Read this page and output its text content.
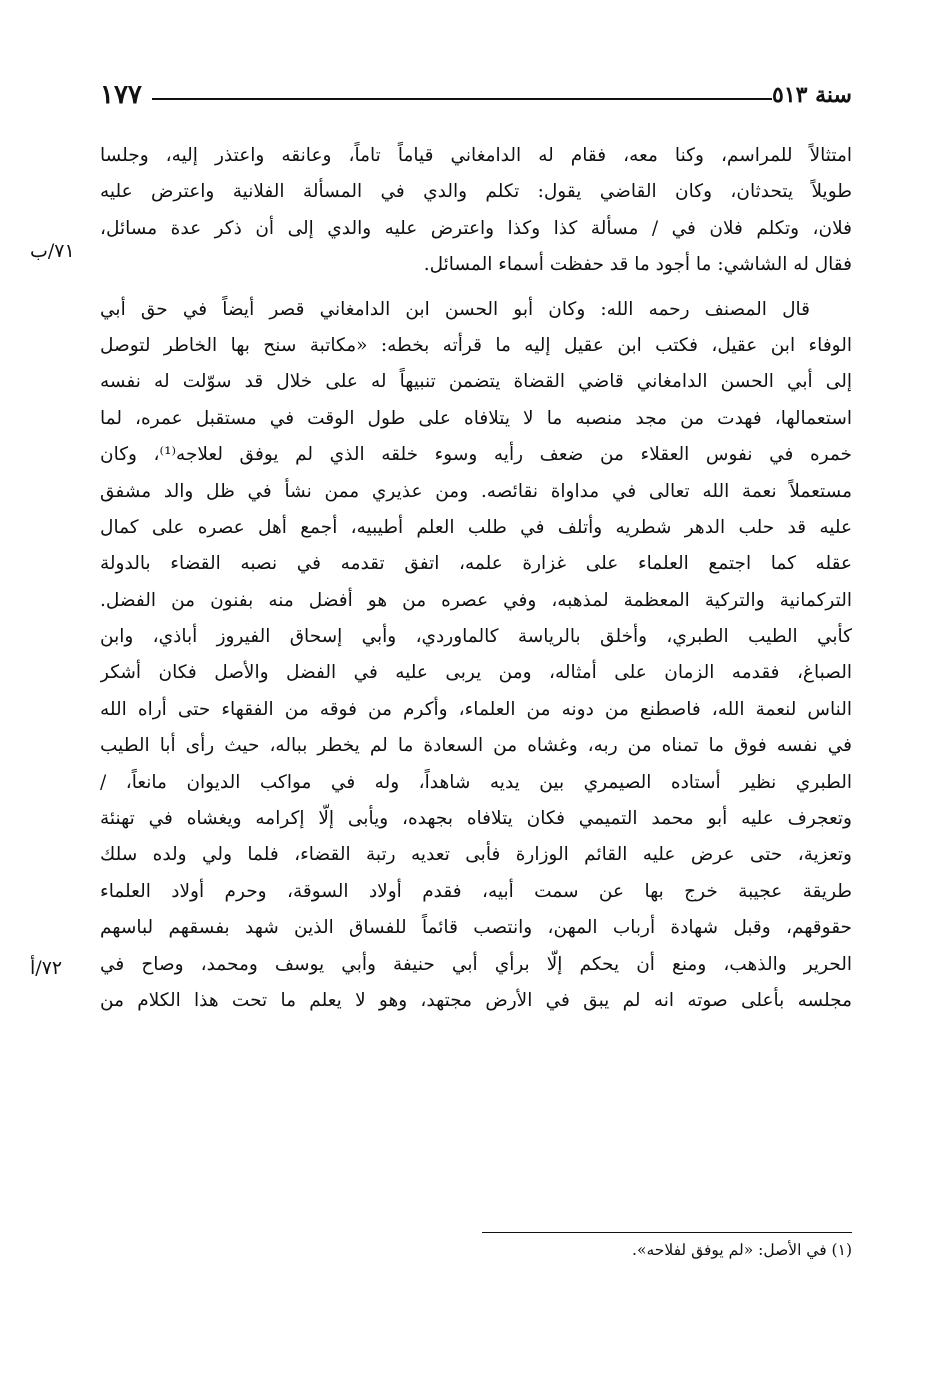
سنة ٥١٣
١٧٧
امتثالاً للمراسم، وكنا معه، فقام له الدامغاني قياماً تاماً، وعانقه واعتذر إليه، وجلسا
طويلاً يتحدثان، وكان القاضي يقول: تكلم والدي في المسألة الفلانية واعترض عليه
فلان، وتكلم فلان في / مسألة كذا وكذا واعترض عليه والدي إلى أن ذكر عدة مسائل،
فقال له الشاشي: ما أجود ما قد حفظت أسماء المسائل.
قال المصنف رحمه الله: وكان أبو الحسن ابن الدامغاني قصر أيضاً في حق أبي
الوفاء ابن عقيل، فكتب ابن عقيل إليه ما قرأته بخطه: «مكاتبة سنح بها الخاطر لتوصل
إلى أبي الحسن الدامغاني قاضي القضاة يتضمن تنبيهاً له على خلال قد سوّلت له نفسه
استعمالها، فهدت من مجد منصبه ما لا يتلافاه على طول الوقت في مستقبل عمره، لما
خمره في نفوس العقلاء من ضعف رأيه وسوء خلقه الذي لم يوفق لعلاجه⁽¹⁾، وكان
مستعملاً نعمة الله تعالى في مداواة نقائصه. ومن عذيري ممن نشأ في ظل والد مشفق
عليه قد حلب الدهر شطريه وأتلف في طلب العلم أطيبيه، أجمع أهل عصره على كمال
عقله كما اجتمع العلماء على غزارة علمه، اتفق تقدمه في نصبه القضاء بالدولة
التركمانية والتركية المعظمة لمذهبه، وفي عصره من هو أفضل منه بفنون من الفضل.
كأبي الطيب الطبري، وأخلق بالرياسة كالماوردي، وأبي إسحاق الفيروز أباذي، وابن
الصباغ، فقدمه الزمان على أمثاله، ومن يربى عليه في الفضل والأصل فكان أشكر
الناس لنعمة الله، فاصطنع من دونه من العلماء، وأكرم من فوقه من الفقهاء حتى أراه الله
في نفسه فوق ما تمناه من ربه، وغشاه من السعادة ما لم يخطر بباله، حيث رأى أبا الطيب
الطبري نظير أستاده الصيمري بين يديه شاهداً، وله في مواكب الديوان مانعاً، /
وتعجرف عليه أبو محمد التميمي فكان يتلافاه بجهده، ويأبى إلّا إكرامه ويغشاه في تهنئة
وتعزية، حتى عرض عليه القائم الوزارة فأبى تعديه رتبة القضاء، فلما ولي ولده سلك
طريقة عجيبة خرج بها عن سمت أبيه، فقدم أولاد السوقة، وحرم أولاد العلماء
حقوقهم، وقبل شهادة أرباب المهن، وانتصب قائماً للفساق الذين شهد بفسقهم لباسهم
الحرير والذهب، ومنع أن يحكم إلّا برأي أبي حنيفة وأبي يوسف ومحمد، وصاح في
مجلسه بأعلى صوته انه لم يبق في الأرض مجتهد، وهو لا يعلم ما تحت هذا الكلام من
٧١/ب
٧٢/أ
(١) في الأصل: «لم يوفق لفلاحه».
